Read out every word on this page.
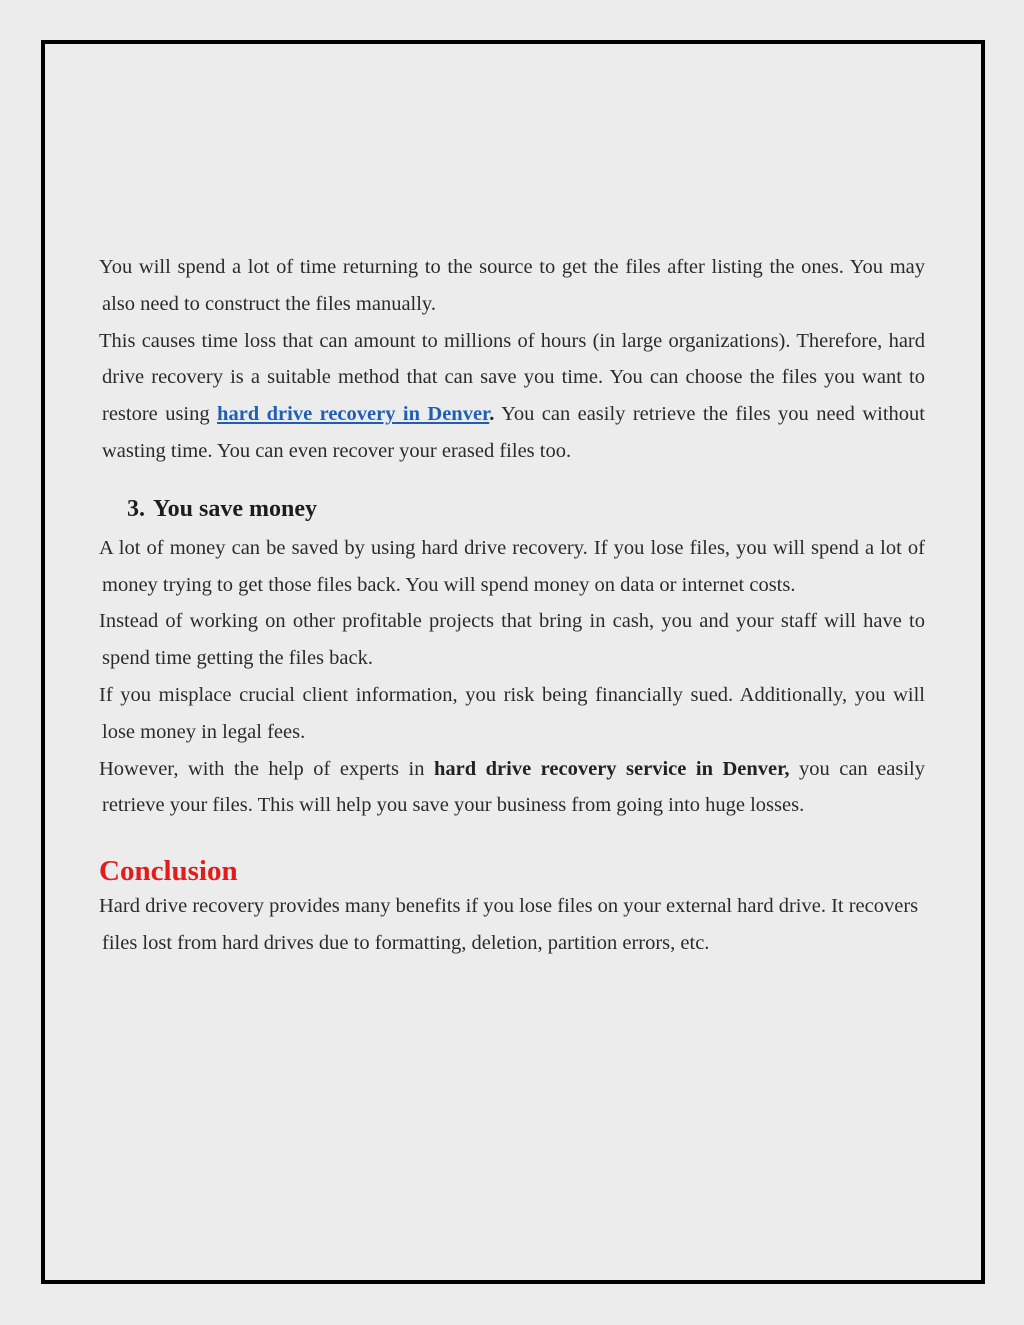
You will spend a lot of time returning to the source to get the files after listing the ones. You may also need to construct the files manually.

This causes time loss that can amount to millions of hours (in large organizations). Therefore, hard drive recovery is a suitable method that can save you time. You can choose the files you want to restore using hard drive recovery in Denver. You can easily retrieve the files you need without wasting time. You can even recover your erased files too.

3. You save money

A lot of money can be saved by using hard drive recovery. If you lose files, you will spend a lot of money trying to get those files back. You will spend money on data or internet costs.

Instead of working on other profitable projects that bring in cash, you and your staff will have to spend time getting the files back.

If you misplace crucial client information, you risk being financially sued. Additionally, you will lose money in legal fees.

However, with the help of experts in hard drive recovery service in Denver, you can easily retrieve your files. This will help you save your business from going into huge losses.

Conclusion

Hard drive recovery provides many benefits if you lose files on your external hard drive. It recovers files lost from hard drives due to formatting, deletion, partition errors, etc.
